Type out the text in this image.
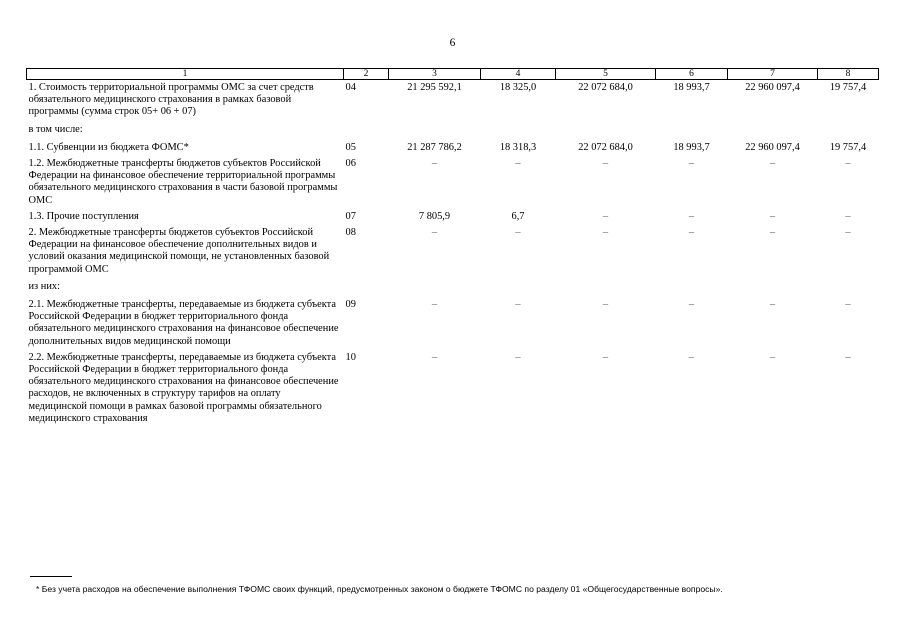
6
1	2	3	4	5	6	7	8
1. Стоимость территориальной программы ОМС за счет средств обязательного медицинского страхования в рамках базовой программы (сумма строк 05+ 06 + 07)	04	21 295 592,1	18 325,0	22 072 684,0	18 993,7	22 960 097,4	19 757,4
в том числе:							
1.1. Субвенции из бюджета ФОМС*	05	21 287 786,2	18 318,3	22 072 684,0	18 993,7	22 960 097,4	19 757,4
1.2. Межбюджетные трансферты бюджетов субъектов Российской Федерации на финансовое обеспечение территориальной программы обязательного медицинского страхования в части базовой программы ОМС	06	–	–	–	–	–	–
1.3. Прочие поступления	07	7 805,9	6,7	–	–	–	–
2. Межбюджетные трансферты бюджетов субъектов Российской Федерации на финансовое обеспечение дополнительных видов и условий оказания медицинской помощи, не установленных базовой программой ОМС	08	–	–	–	–	–	–
из них:							
2.1. Межбюджетные трансферты, передаваемые из бюджета субъекта Российской Федерации в бюджет территориального фонда обязательного медицинского страхования на финансовое обеспечение дополнительных видов медицинской помощи	09	–	–	–	–	–	–
2.2. Межбюджетные трансферты, передаваемые из бюджета субъекта Российской Федерации в бюджет территориального фонда обязательного медицинского страхования на финансовое обеспечение расходов, не включенных в структуру тарифов на оплату медицинской помощи в рамках базовой программы обязательного медицинского страхования	10	–	–	–	–	–	–
* Без учета расходов на обеспечение выполнения ТФОМС своих функций, предусмотренных законом о бюджете ТФОМС по разделу 01 «Общегосударственные вопросы».
